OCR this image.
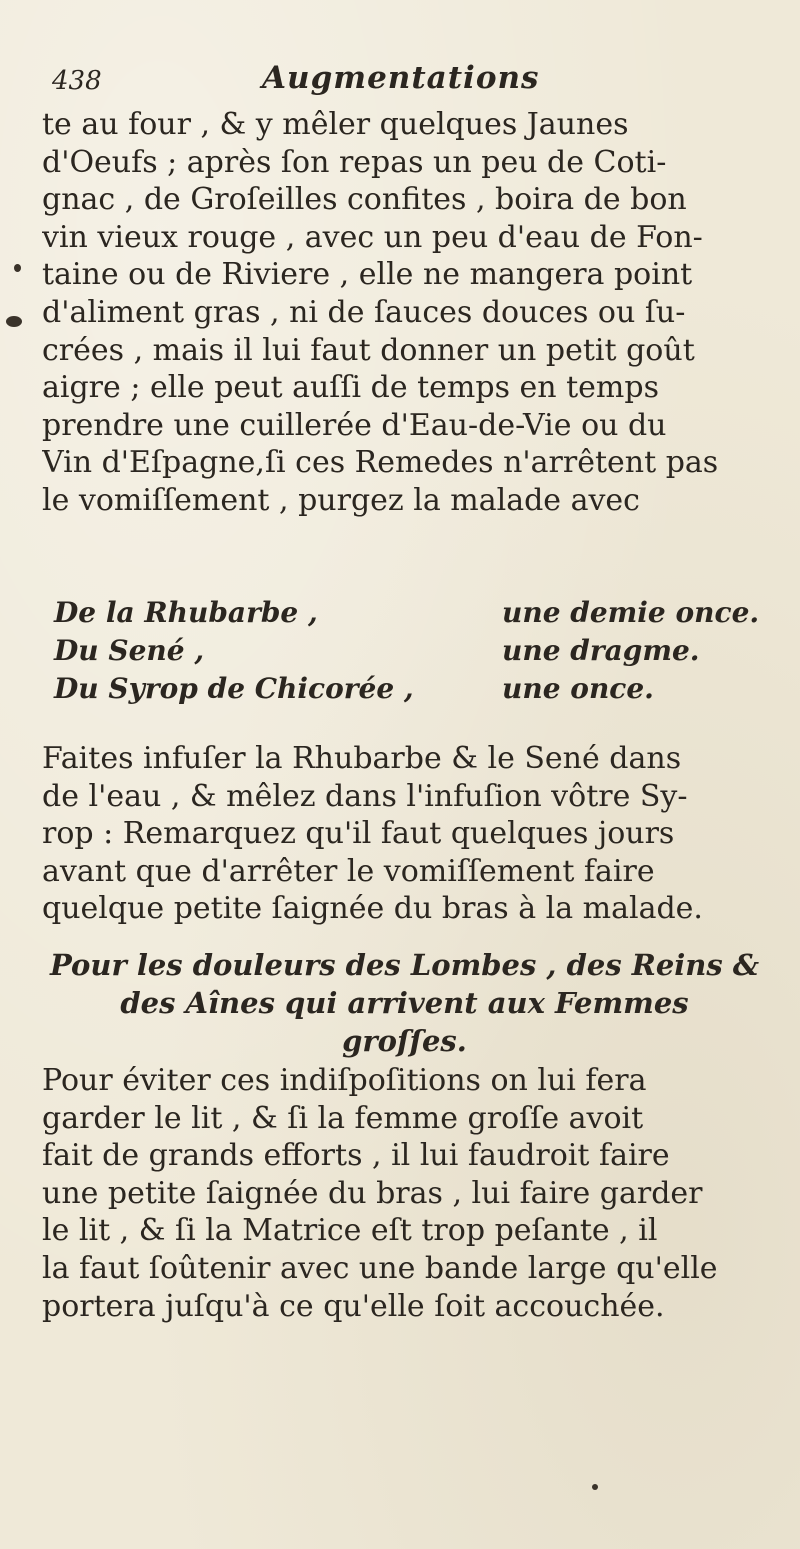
438	Augmentations
te au four , & y mêler quelques Jaunes
d'Oeufs ; après ſon repas un peu de Coti-
gnac , de Groſeilles confites , boira de bon
vin vieux rouge , avec un peu d'eau de Fon-
taine ou de Riviere , elle ne mangera point
d'aliment gras , ni de ſauces douces ou ſu-
crées , mais il lui faut donner un petit goût
aigre ; elle peut auſſi de temps en temps
prendre une cuillerée d'Eau-de-Vie ou du
Vin d'Eſpagne,ſi ces Remedes n'arrêtent pas
le vomiſſement , purgez la malade avec
De la Rhubarbe ,	une demie once.
Du Sené ,	une dragme.
Du Syrop de Chicorée ,	une once.
Faites infuſer la Rhubarbe & le Sené dans
de l'eau , & mêlez dans l'infuſion vôtre Sy-
rop : Remarquez qu'il faut quelques jours
avant que d'arrêter le vomiſſement faire
quelque petite ſaignée du bras à la malade.
Pour les douleurs des Lombes , des Reins &
des Aînes qui arrivent aux Femmes
groſſes.
Pour éviter ces indiſpoſitions on lui fera
garder le lit , & ſi la femme groſſe avoit
fait de grands efforts , il lui faudroit faire
une petite ſaignée du bras , lui faire garder
le lit , & ſi la Matrice eſt trop peſante , il
la faut ſoûtenir avec une bande large qu'elle
portera juſqu'à ce qu'elle ſoit accouchée.
